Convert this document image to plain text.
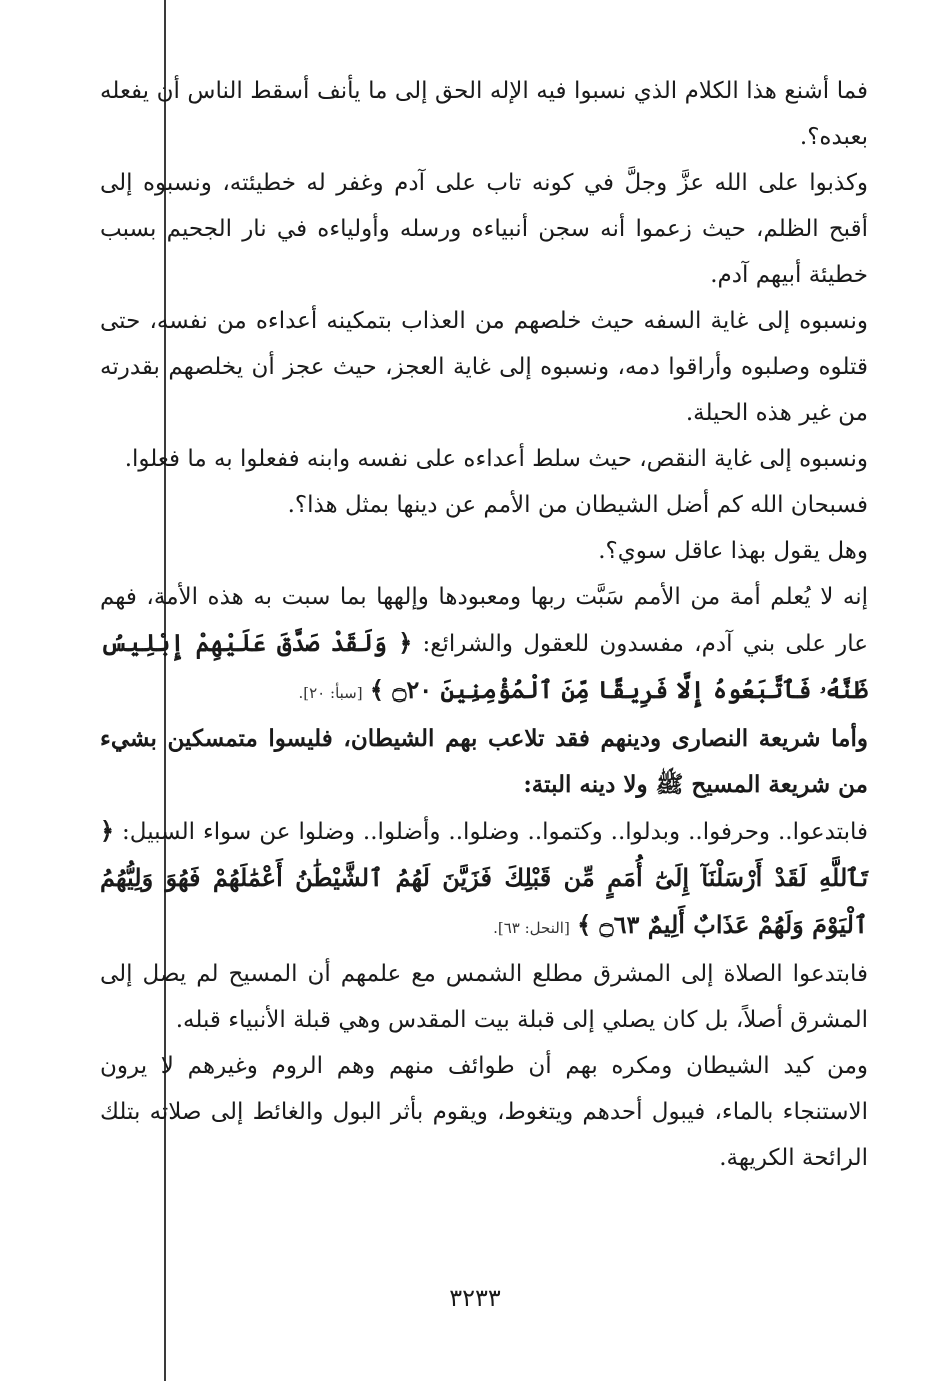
فما أشنع هذا الكلام الذي نسبوا فيه الإله الحق إلى ما يأنف أسقط الناس أن يفعله بعبده؟.

وكذبوا على الله عزَّ وجلَّ في كونه تاب على آدم وغفر له خطيئته، ونسبوه إلى أقبح الظلم، حيث زعموا أنه سجن أنبياءه ورسله وأولياءه في نار الجحيم بسبب خطيئة أبيهم آدم.

ونسبوه إلى غاية السفه حيث خلصهم من العذاب بتمكينه أعداءه من نفسه، حتى قتلوه وصلبوه وأراقوا دمه، ونسبوه إلى غاية العجز، حيث عجز أن يخلصهم بقدرته من غير هذه الحيلة.

ونسبوه إلى غاية النقص، حيث سلط أعداءه على نفسه وابنه ففعلوا به ما فعلوا.

فسبحان الله كم أضل الشيطان من الأمم عن دينها بمثل هذا؟.

وهل يقول بهذا عاقل سوي؟.

إنه لا يُعلم أمة من الأمم سَبَّت ربها ومعبودها وإلهها بما سبت به هذه الأمة، فهم عار على بني آدم، مفسدون للعقول والشرائع: ﴿ وَلَقَدْ صَدَّقَ عَلَيْهِمْ إِبْلِيسُ ظَنَّهُۥ فَٱتَّبَعُوهُ إِلَّا فَرِيقًا مِّنَ ٱلْمُؤْمِنِينَ ۝٢٠ ﴾ [سبأ: ٢٠].

وأما شريعة النصارى ودينهم فقد تلاعب بهم الشيطان، فليسوا متمسكين بشيء من شريعة المسيح ﷺ ولا دينه البتة:

فابتدعوا.. وحرفوا.. وبدلوا.. وكتموا.. وضلوا.. وأضلوا.. وضلوا عن سواء السبيل: ﴿ تَٱللَّهِ لَقَدْ أَرْسَلْنَآ إِلَىٰٓ أُمَمٍ مِّن قَبْلِكَ فَزَيَّنَ لَهُمُ ٱلشَّيْطَٰنُ أَعْمَٰلَهُمْ فَهُوَ وَلِيُّهُمُ ٱلْيَوْمَ وَلَهُمْ عَذَابٌ أَلِيمٌ ۝٦٣ ﴾ [النحل: ٦٣].

فابتدعوا الصلاة إلى المشرق مطلع الشمس مع علمهم أن المسيح لم يصل إلى المشرق أصلاً، بل كان يصلي إلى قبلة بيت المقدس وهي قبلة الأنبياء قبله.

ومن كيد الشيطان ومكره بهم أن طوائف منهم وهم الروم وغيرهم لا يرون الاستنجاء بالماء، فيبول أحدهم ويتغوط، ويقوم بأثر البول والغائط إلى صلاته بتلك الرائحة الكريهة.

٣٢٣٣
